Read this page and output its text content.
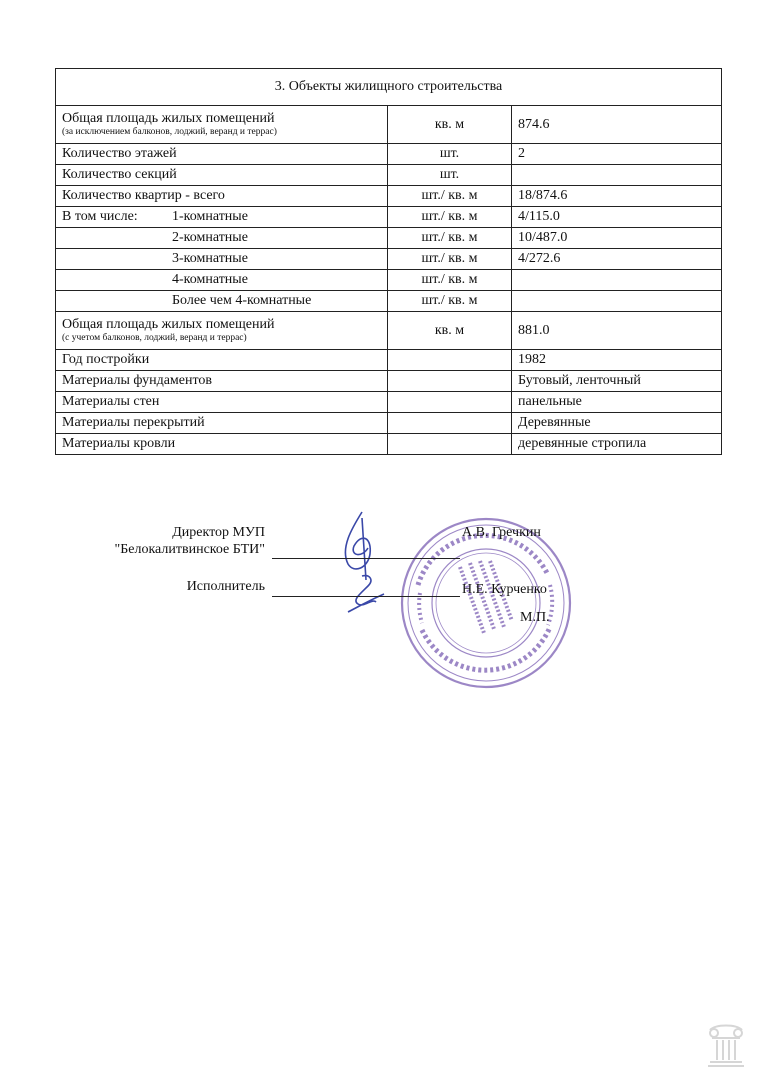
3. Объекты жилищного строительства		

Общая площадь жилых помещений
(за исключением балконов, лоджий, веранд и террас)	кв. м	874.6
Количество этажей	шт.	2
Количество секций	шт.	
Количество квартир - всего	шт./ кв. м	18/874.6
В том числе: 1-комнатные	шт./ кв. м	4/115.0
2-комнатные	шт./ кв. м	10/487.0
3-комнатные	шт./ кв. м	4/272.6
4-комнатные	шт./ кв. м	
Более чем 4-комнатные	шт./ кв. м	

Общая площадь жилых помещений
(с учетом балконов, лоджий, веранд и террас)	кв. м	881.0
Год постройки		1982
Материалы фундаментов		Бутовый, ленточный
Материалы стен		панельные
Материалы перекрытий		Деревянные
Материалы кровли		деревянные стропила
Директор МУП
"Белокалитвинское БТИ"
А.В. Гречкин
Исполнитель	Н.Е. Курченко
М.П.
